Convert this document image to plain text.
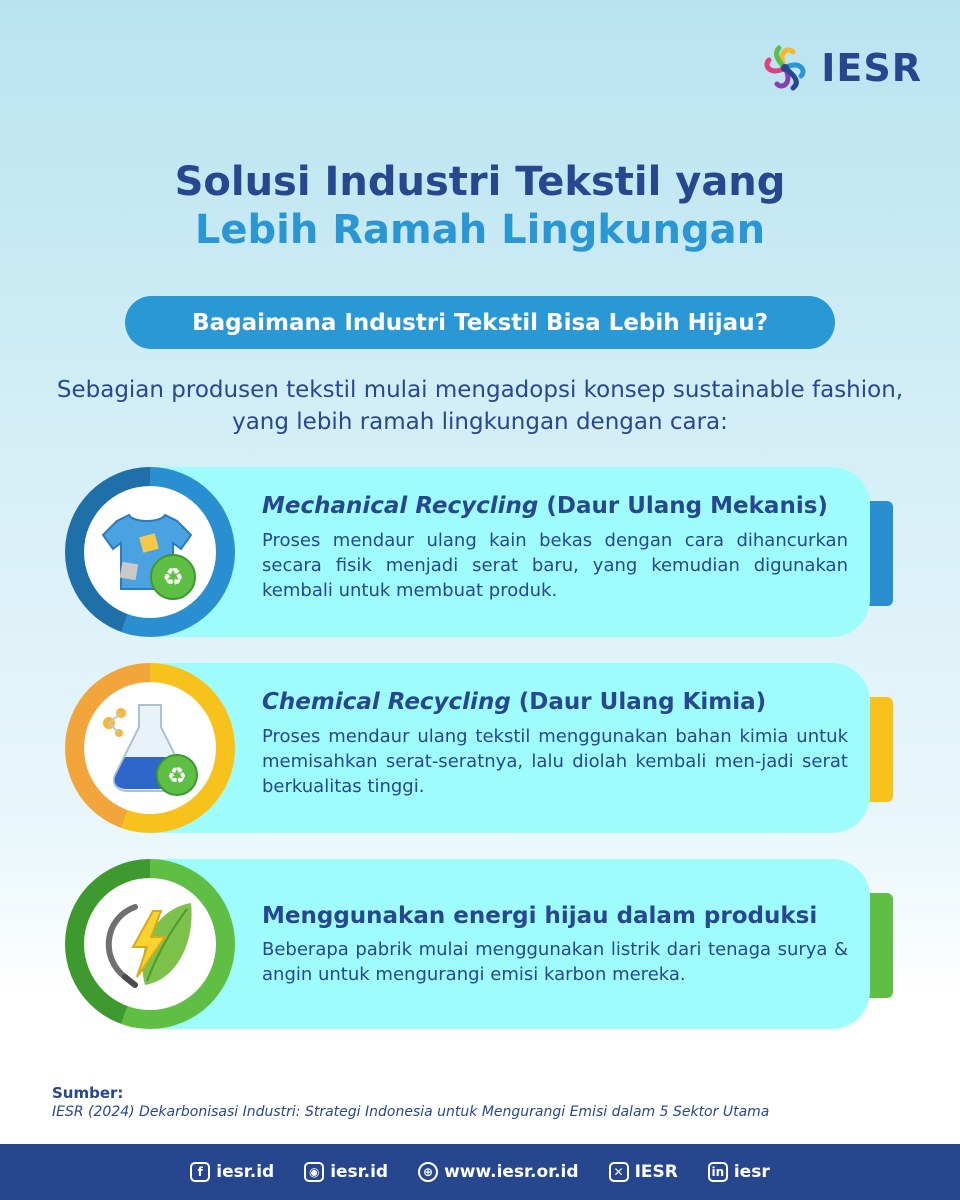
IESR
Solusi Industri Tekstil yang
Lebih Ramah Lingkungan
Bagaimana Industri Tekstil Bisa Lebih Hijau?

Sebagian produsen tekstil mulai mengadopsi konsep sustainable fashion, yang lebih ramah lingkungan dengan cara:

♻
Mechanical Recycling (Daur Ulang Mekanis)

Proses mendaur ulang kain bekas dengan cara dihancurkan secara fisik menjadi serat baru, yang kemudian digunakan kembali untuk membuat produk.

♻
Chemical Recycling (Daur Ulang Kimia)

Proses mendaur ulang tekstil menggunakan bahan kimia untuk memisahkan serat-seratnya, lalu diolah kembali men-jadi serat berkualitas tinggi.

Menggunakan energi hijau dalam produksi

Beberapa pabrik mulai menggunakan listrik dari tenaga surya & angin untuk mengurangi emisi karbon mereka.

Sumber:
IESR (2024) Dekarbonisasi Industri: Strategi Indonesia untuk Mengurangi Emisi dalam 5 Sektor Utama
f iesr.id	◉ iesr.id	⊕ www.iesr.or.id	✕ IESR	in iesr
